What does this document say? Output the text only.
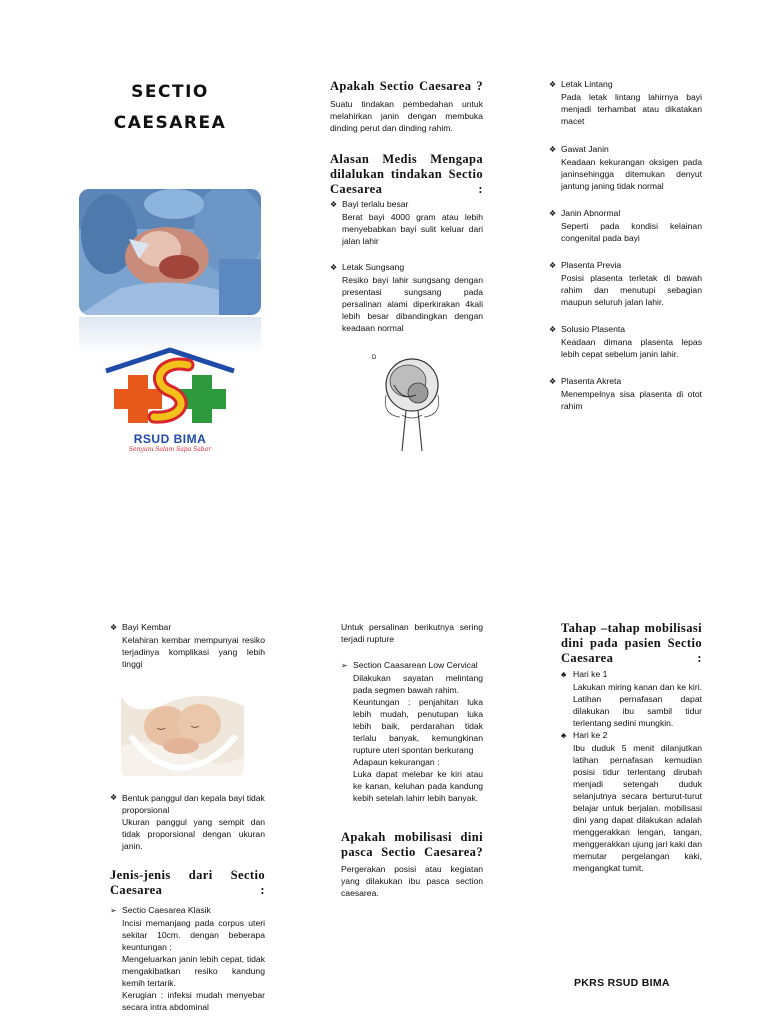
SECTIO
CAESAREA
RSUD BIMA
Senyum Salam Sapa Sabar
Apakah Sectio Caesarea ?
Suatu tindakan pembedahan untuk melahirkan janin dengan membuka dinding perut dan dinding rahim.
Alasan Medis Mengapa dilalukan tindakan Sectio Caesarea :
❖ Bayi terlalu besar
Berat bayi 4000 gram atau lebih menyebabkan bayi sulit keluar dari jalan lahir
❖ Letak Sungsang
Resiko bayi lahir sungsang dengan presentasi sungsang pada persalinan alami diperkirakan 4kali lebih besar dibandingkan dengan keadaan normal
D
❖ Letak Lintang
Pada letak lintang lahirnya bayi menjadi terhambat atau dikatakan macet
❖ Gawat Janin
Keadaan kekurangan oksigen pada janinsehingga ditemukan denyut jantung janing tidak normal
❖ Janin Abnormal
Seperti pada kondisi kelainan congenital pada bayi
❖ Plasenta Previa
Posisi plasenta terletak di bawah rahim dan menutupi sebagian maupun seluruh jalan lahir.
❖ Solusio Plasenta
Keadaan dimana plasenta lepas lebih cepat sebelum janin lahir.
❖ Plasenta Akreta
Menempelnya sisa plasenta di otot rahim
❖ Bayi Kembar
Kelahiran kembar mempunyai resiko terjadinya komplikasi yang lebih tinggi
❖ Bentuk panggul dan kepala bayi tidak proporsional
Ukuran panggul yang sempit dan tidak proporsional dengan ukuran janin.
Jenis-jenis dari Sectio Caesarea :
➢ Sectio Caesarea Klasik
Incisi memanjang pada corpus uteri sekitar 10cm. dengan beberapa keuntungan :
Mengeluarkan janin lebih cepat, tidak mengakibatkan resiko kandung kemih tertarik.
Kerugian : infeksi mudah menyebar secara intra abdominal
Untuk persalinan berikutnya sering terjadi rupture
➢ Section Caasarean Low Cervical
Dilakukan sayatan melintang pada segmen bawah rahim.
Keuntungan : penjahitan luka lebih mudah, penutupan luka lebih baik, perdarahan tidak terlalu banyak, kemungkinan rupture uteri spontan berkurang
Adapaun kekurangan :
Luka dapat melebar ke kiri atau ke kanan, keluhan pada kandung kebih setelah lahirr lebih banyak.
Apakah mobilisasi dini pasca Sectio Caesarea?
Pergerakan posisi atau kegiatan yang dilakukan ibu pasca section caesarea.
Tahap –tahap mobilisasi dini pada pasien Sectio Caesarea :
♣ Hari ke 1
Lakukan miring kanan dan ke kiri. Latihan pernafasan dapat dilakukan ibu sambil tidur terlentang sedini mungkin.
♣ Hari ke 2
Ibu duduk 5 menit dilanjutkan latihan pernafasan kemudian posisi tidur terlentang dirubah menjadi setengah duduk selanjutnya secara berturut-turut belajar untuk berjalan. mobilisasi dini yang dapat dilakukan adalah menggerakkan lengan, tangan, menggerakkan ujung jari kaki dan memutar pergelangan kaki, mengangkat tumit.
PKRS RSUD BIMA
